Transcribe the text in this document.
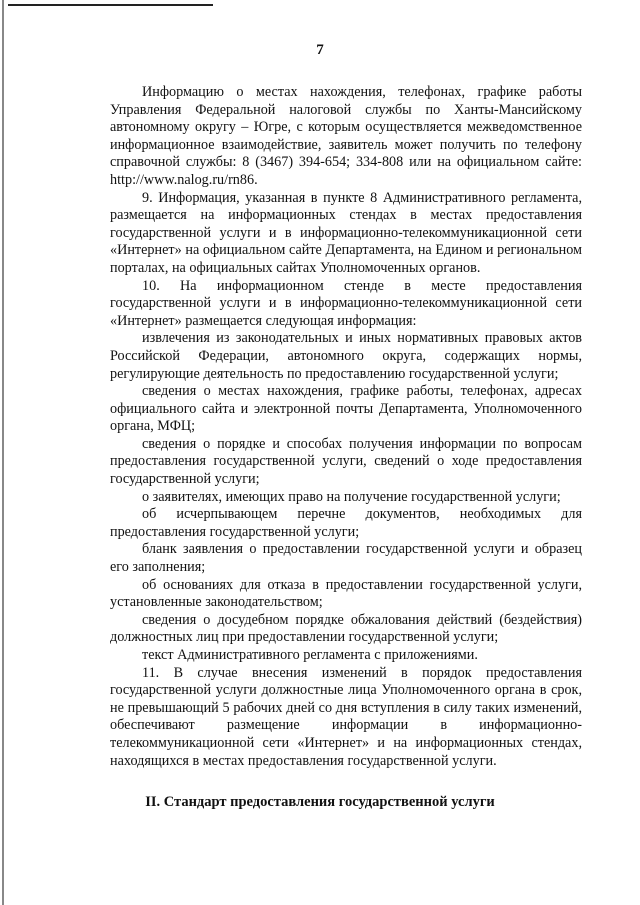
7

Информацию о местах нахождения, телефонах, графике работы Управления Федеральной налоговой службы по Ханты-Мансийскому автономному округу – Югре, с которым осуществляется межведомственное информационное взаимодействие, заявитель может получить по телефону справочной службы: 8 (3467) 394-654; 334-808 или на официальном сайте: http://www.nalog.ru/rn86.

9. Информация, указанная в пункте 8 Административного регламента, размещается на информационных стендах в местах предоставления государственной услуги и в информационно-телекоммуникационной сети «Интернет» на официальном сайте Департамента, на Едином и региональном порталах, на официальных сайтах Уполномоченных органов.

10. На информационном стенде в месте предоставления государственной услуги и в информационно-телекоммуникационной сети «Интернет» размещается следующая информация:

извлечения из законодательных и иных нормативных правовых актов Российской Федерации, автономного округа, содержащих нормы, регулирующие деятельность по предоставлению государственной услуги;

сведения о местах нахождения, графике работы, телефонах, адресах официального сайта и электронной почты Департамента, Уполномоченного органа, МФЦ;

сведения о порядке и способах получения информации по вопросам предоставления государственной услуги, сведений о ходе предоставления государственной услуги;

о заявителях, имеющих право на получение государственной услуги;

об исчерпывающем перечне документов, необходимых для предоставления государственной услуги;

бланк заявления о предоставлении государственной услуги и образец его заполнения;

об основаниях для отказа в предоставлении государственной услуги, установленные законодательством;

сведения о досудебном порядке обжалования действий (бездействия) должностных лиц при предоставлении государственной услуги;

текст Административного регламента с приложениями.

11. В случае внесения изменений в порядок предоставления государственной услуги должностные лица Уполномоченного органа в срок, не превышающий 5 рабочих дней со дня вступления в силу таких изменений, обеспечивают размещение информации в информационно-телекоммуникационной сети «Интернет» и на информационных стендах, находящихся в местах предоставления государственной услуги.

II. Стандарт предоставления государственной услуги
